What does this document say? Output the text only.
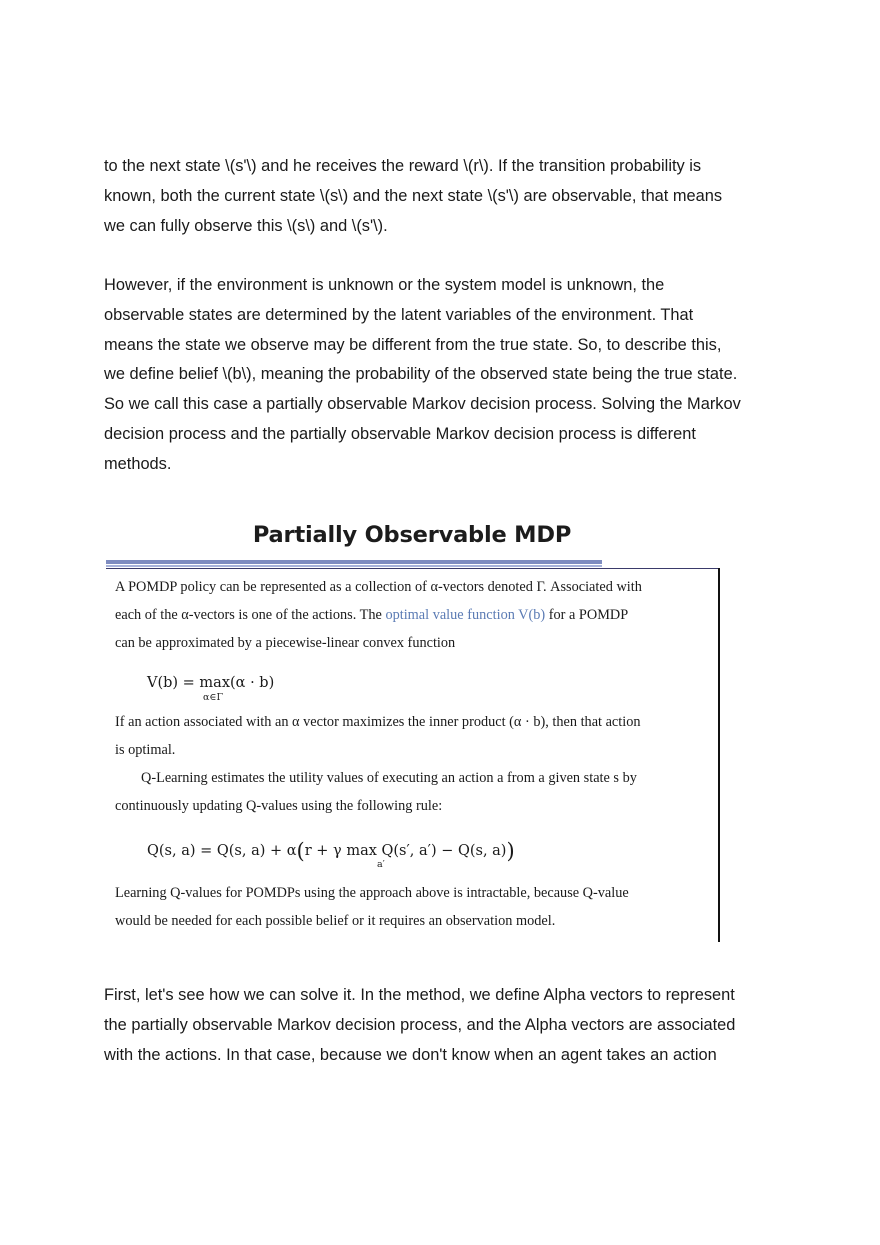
to the next state \(s'\) and he receives the reward \(r\). If the transition probability is
known, both the current state \(s\) and the next state \(s'\) are observable, that means
we can fully observe this \(s\) and \(s'\).
However, if the environment is unknown or the system model is unknown, the
observable states are determined by the latent variables of the environment. That
means the state we observe may be different from the true state. So, to describe this,
we define belief \(b\), meaning the probability of the observed state being the true state.
So we call this case a partially observable Markov decision process. Solving the Markov
decision process and the partially observable Markov decision process is different
methods.
Partially Observable MDP
A POMDP policy can be represented as a collection of α-vectors denoted Γ. Associated with
each of the α-vectors is one of the actions. The optimal value function V(b) for a POMDP
can be approximated by a piecewise-linear convex function
V(b) = max(α · b)
α∈Γ
If an action associated with an α vector maximizes the inner product (α · b), then that action
is optimal.
Q-Learning estimates the utility values of executing an action a from a given state s by
continuously updating Q-values using the following rule:
Q(s, a) = Q(s, a) + α(r + γ max Q(s′, a′) − Q(s, a))
a′
Learning Q-values for POMDPs using the approach above is intractable, because Q-value
would be needed for each possible belief or it requires an observation model.
First, let's see how we can solve it. In the method, we define Alpha vectors to represent
the partially observable Markov decision process, and the Alpha vectors are associated
with the actions. In that case, because we don't know when an agent takes an action
